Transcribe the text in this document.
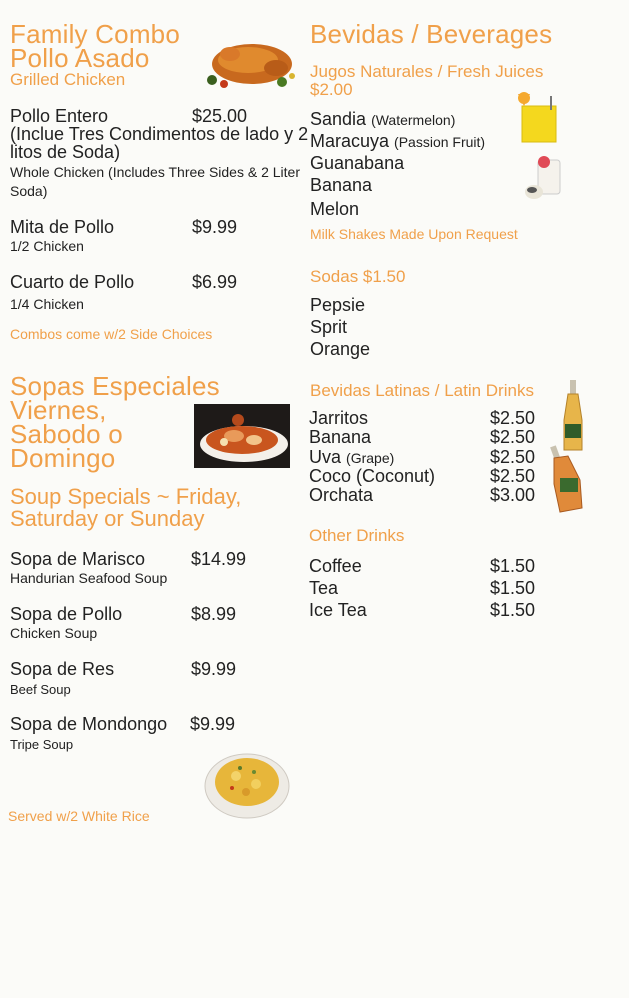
Family Combo
Pollo Asado
Grilled Chicken
Pollo Entero	$25.00
(Inclue Tres Condimentos de lado y 2 litos de Soda)
Whole Chicken (Includes Three Sides & 2 Liter Soda)
Mita de Pollo	$9.99
1/2 Chicken
Cuarto de Pollo	$6.99
1/4 Chicken
Combos come w/2 Side Choices
Sopas Especiales
Viernes,
Sabodo o
Domingo
Soup Specials ~ Friday,
Saturday or Sunday
Sopa de Marisco	$14.99
Handurian Seafood Soup
Sopa de Pollo	$8.99
Chicken Soup
Sopa de Res	$9.99
Beef Soup
Sopa de Mondongo $9.99
Tripe Soup
Served w/2 White Rice
Bevidas / Beverages
Jugos Naturales / Fresh Juices
$2.00
Sandia (Watermelon)
Maracuya (Passion Fruit)
Guanabana
Banana
Melon
Milk Shakes Made Upon Request
Sodas $1.50
Pepsie
Sprit
Orange
Bevidas Latinas / Latin Drinks
Jarritos	$2.50
Banana	$2.50
Uva (Grape)	$2.50
Coco (Coconut)	$2.50
Orchata	$3.00
Other Drinks
Coffee	$1.50
Tea	$1.50
Ice Tea	$1.50
